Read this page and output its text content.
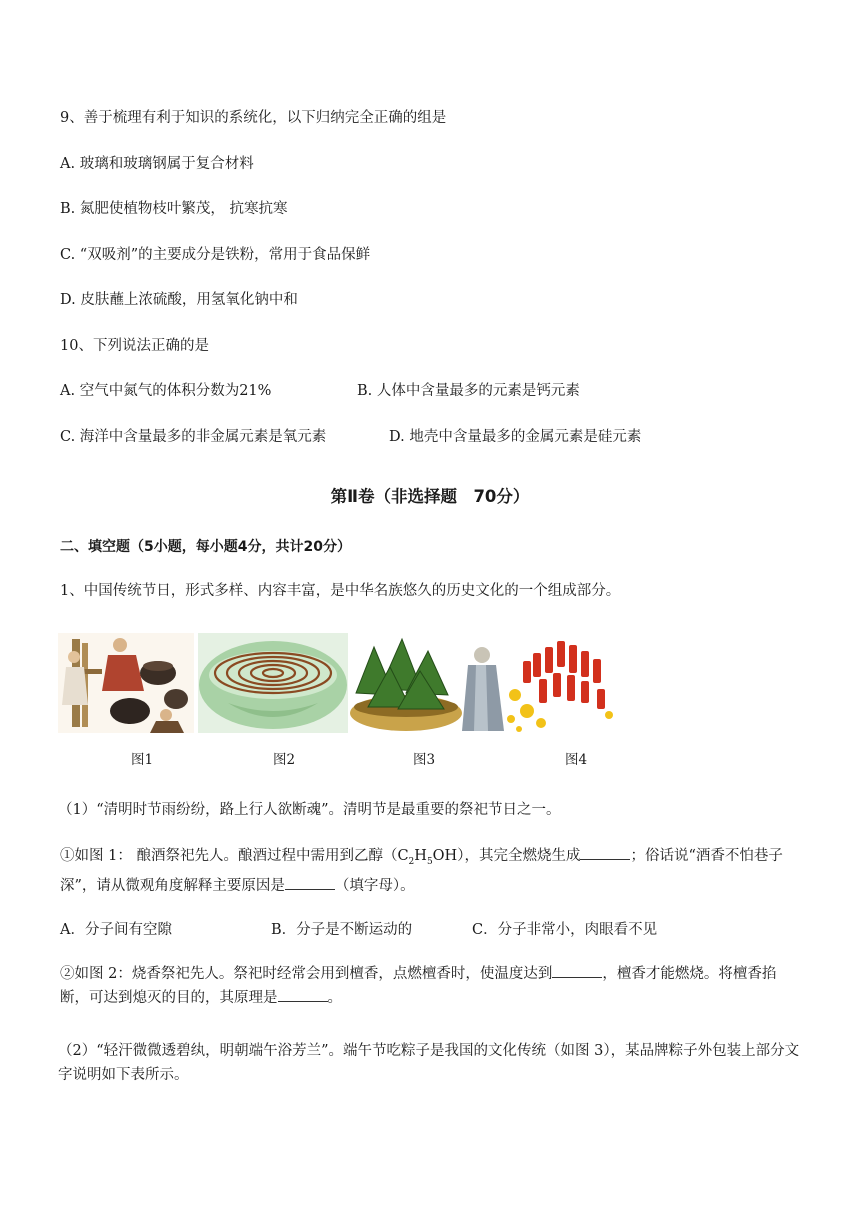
9、善于梳理有利于知识的系统化，以下归纳完全正确的组是
A. 玻璃和玻璃钢属于复合材料
B. 氮肥使植物枝叶繁茂， 抗寒抗寒
C. “双吸剂”的主要成分是铁粉，常用于食品保鲜
D. 皮肤蘸上浓硫酸，用氢氧化钠中和
10、下列说法正确的是
A. 空气中氮气的体积分数为21%	B. 人体中含量最多的元素是钙元素
C. 海洋中含量最多的非金属元素是氧元素	D. 地壳中含量最多的金属元素是硅元素
第Ⅱ卷（非选择题　70分）
二、填空题（5小题，每小题4分，共计20分）
1、中国传统节日，形式多样、内容丰富，是中华名族悠久的历史文化的一个组成部分。
图1	图2	图3	图4
（1）“清明时节雨纷纷，路上行人欲断魂”。清明节是最重要的祭祀节日之一。
①如图 1： 酿酒祭祀先人。酿酒过程中需用到乙醇$(C_2H_5OH)$，其完全燃烧生成	；俗话说“酒香不怕巷子深”，请从微观角度解释主要原因是	（填字母）。
A．分子间有空隙	B．分子是不断运动的	C．分子非常小，肉眼看不见
②如图 2：烧香祭祀先人。祭祀时经常会用到檀香，点燃檀香时，使温度达到	，檀香才能燃烧。将檀香掐断，可达到熄灭的目的，其原理是	。
（2）“轻汗微微透碧纨，明朝端午浴芳兰”。端午节吃粽子是我国的文化传统（如图 3），某品牌粽子外包装上部分文字说明如下表所示。
